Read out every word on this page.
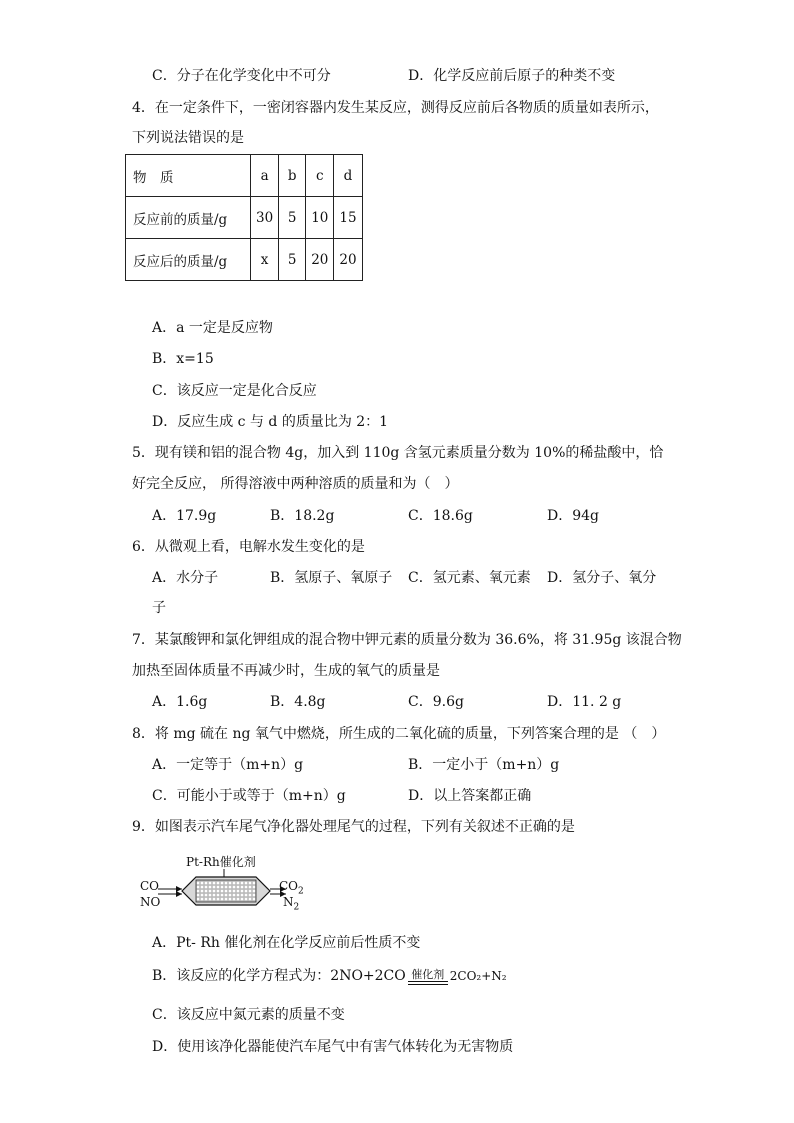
C．分子在化学变化中不可分	D．化学反应前后原子的种类不变
4．在一定条件下，一密闭容器内发生某反应，测得反应前后各物质的质量如表所示，
下列说法错误的是
物　质	a	b	c	d
反应前的质量/g	30	5	10	15
反应后的质量/g	x	5	20	20
A．a 一定是反应物
B．x=15
C．该反应一定是化合反应
D．反应生成 c 与 d 的质量比为 2：1
5．现有镁和铝的混合物 4g，加入到 110g 含氢元素质量分数为 10%的稀盐酸中，恰
好完全反应， 所得溶液中两种溶质的质量和为（　）
A．17.9g	B．18.2g	C．18.6g	D．94g
6．从微观上看，电解水发生变化的是
A．水分子	B．氢原子、氧原子 C．氢元素、氧元素 D．氢分子、氧分
子
7．某氯酸钾和氯化钾组成的混合物中钾元素的质量分数为 36.6%，将 31.95g 该混合物
加热至固体质量不再减少时，生成的氧气的质量是
A．1.6g	B．4.8g	C．9.6g	D．11. 2 g
8．将 mg 硫在 ng 氧气中燃烧，所生成的二氧化硫的质量，下列答案合理的是 （　）
A．一定等于（m+n）g	B．一定小于（m+n）g
C．可能小于或等于（m+n）g	D．以上答案都正确
9．如图表示汽车尾气净化器处理尾气的过程，下列有关叙述不正确的是
Pt-Rh催化剂
CO
NO
$CO_2$
$N_2$
A．Pt- Rh 催化剂在化学反应前后性质不变
B．该反应的化学方程式为：2NO+2CO 催化剂 2CO₂+N₂
C．该反应中氮元素的质量不变
D．使用该净化器能使汽车尾气中有害气体转化为无害物质
